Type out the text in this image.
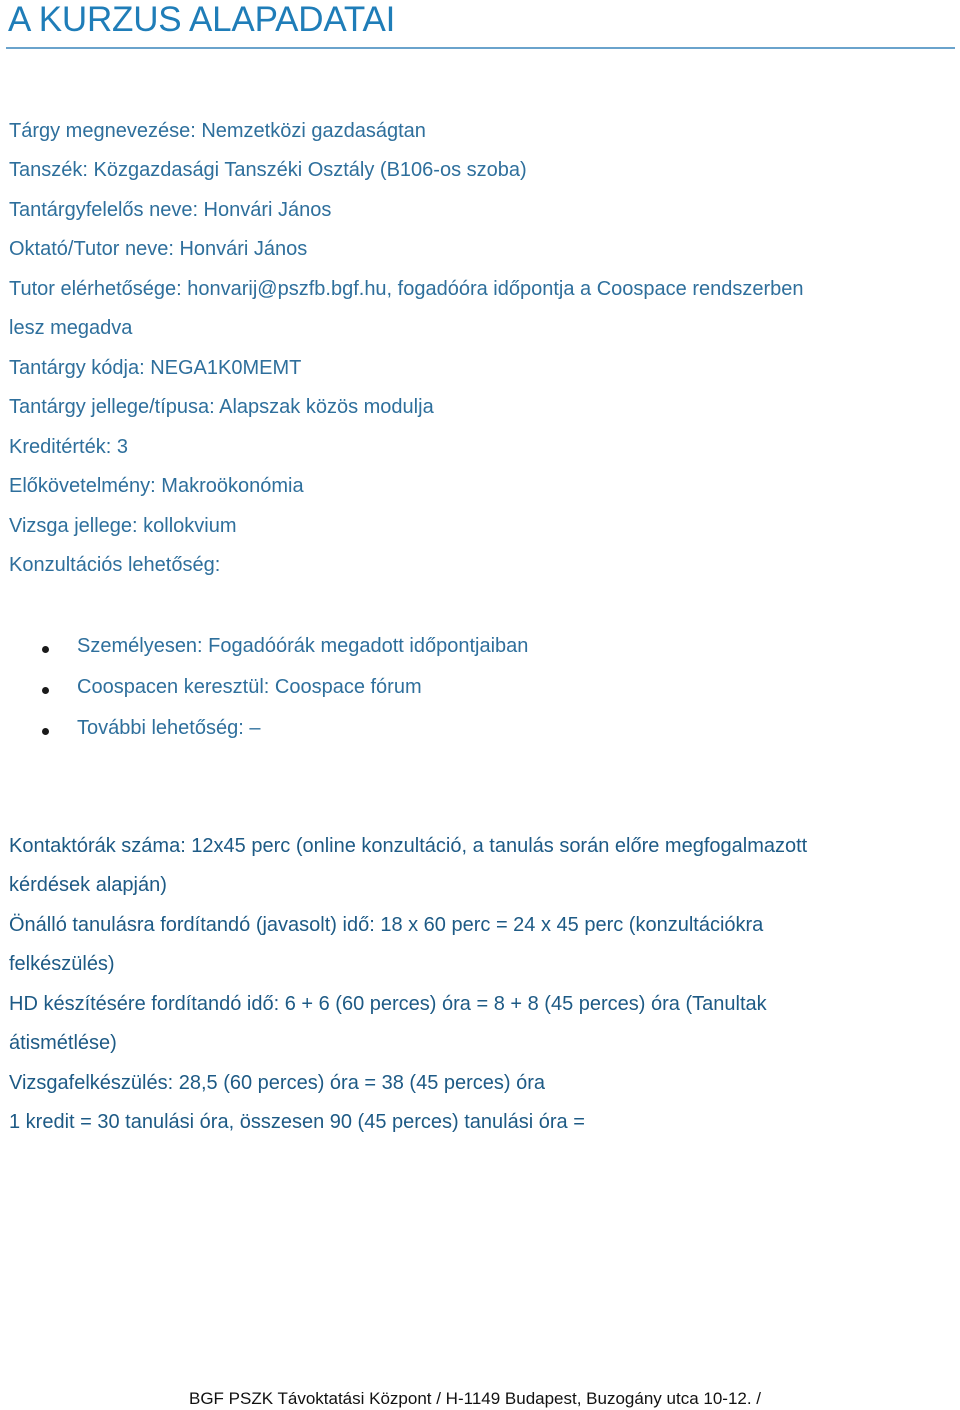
A KURZUS ALAPADATAI
Tárgy megnevezése: Nemzetközi gazdaságtan
Tanszék: Közgazdasági Tanszéki Osztály (B106-os szoba)
Tantárgyfelelős neve: Honvári János
Oktató/Tutor neve: Honvári János
Tutor elérhetősége: honvarij@pszfb.bgf.hu, fogadóóra időpontja a Coospace rendszerben
lesz megadva
Tantárgy kódja: NEGA1K0MEMT
Tantárgy jellege/típusa: Alapszak közös modulja
Kreditérték: 3
Előkövetelmény: Makroökonómia
Vizsga jellege: kollokvium
Konzultációs lehetőség:
Személyesen: Fogadóórák megadott időpontjaiban
Coospacen keresztül: Coospace fórum
További lehetőség: –
Kontaktórák száma: 12x45 perc (online konzultáció, a tanulás során előre megfogalmazott
kérdések alapján)
Önálló tanulásra fordítandó (javasolt) idő: 18 x 60 perc = 24 x 45 perc (konzultációkra
felkészülés)
HD készítésére fordítandó idő: 6 + 6 (60 perces) óra = 8 + 8 (45 perces) óra (Tanultak
átismétlése)
Vizsgafelkészülés: 28,5 (60 perces) óra = 38 (45 perces) óra
1 kredit = 30 tanulási óra, összesen 90 (45 perces) tanulási óra =
BGF PSZK Távoktatási Központ / H-1149 Budapest, Buzogány utca 10-12. /
